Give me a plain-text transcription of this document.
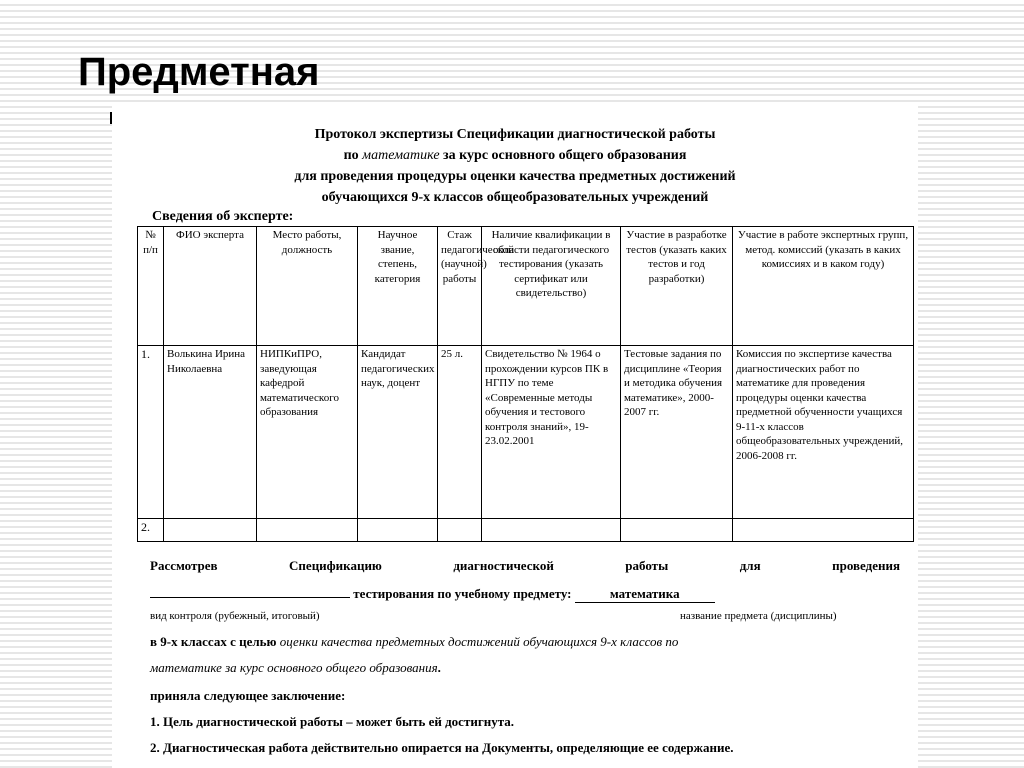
Предметная
Протокол экспертизы Спецификации диагностической работы
по математике за курс основного общего образования
для проведения процедуры оценки качества предметных достижений
обучающихся 9-х классов общеобразовательных учреждений
Сведения об эксперте:
№ п/п	ФИО эксперта	Место работы, должность	Научное звание, степень, категория	Стаж педагогической (научной) работы	Наличие квалификации в области педагогического тестирования (указать сертификат или свидетельство)	Участие в разработке тестов (указать каких тестов и год разработки)	Участие в работе экспертных групп, метод. комиссий (указать в каких комиссиях и в каком году)
1.	Волькина Ирина Николаевна	НИПКиПРО, заведующая кафедрой математического образования	Кандидат педагогических наук, доцент	25 л.	Свидетельство № 1964 о прохождении курсов ПК в НГПУ по теме «Современные методы обучения и тестового контроля знаний», 19-23.02.2001	Тестовые задания по дисциплине «Теория и методика обучения математике», 2000-2007 гг.	Комиссия по экспертизе качества диагностических работ по математике для проведения процедуры оценки качества предметной обученности учащихся 9-11-х классов общеобразовательных учреждений, 2006-2008 гг.
2.							
Рассмотрев	Спецификацию	диагностической	работы	для	проведения
тестирования по учебному предмету:	математика
вид контроля (рубежный, итоговый)	название предмета (дисциплины)
в 9-х классах с целью оценки качества предметных достижений обучающихся 9-х классов по
математике за курс основного общего образования.
приняла следующее заключение:
1. Цель диагностической работы – может быть ей достигнута.
2. Диагностическая работа действительно опирается на Документы, определяющие ее содержание.
